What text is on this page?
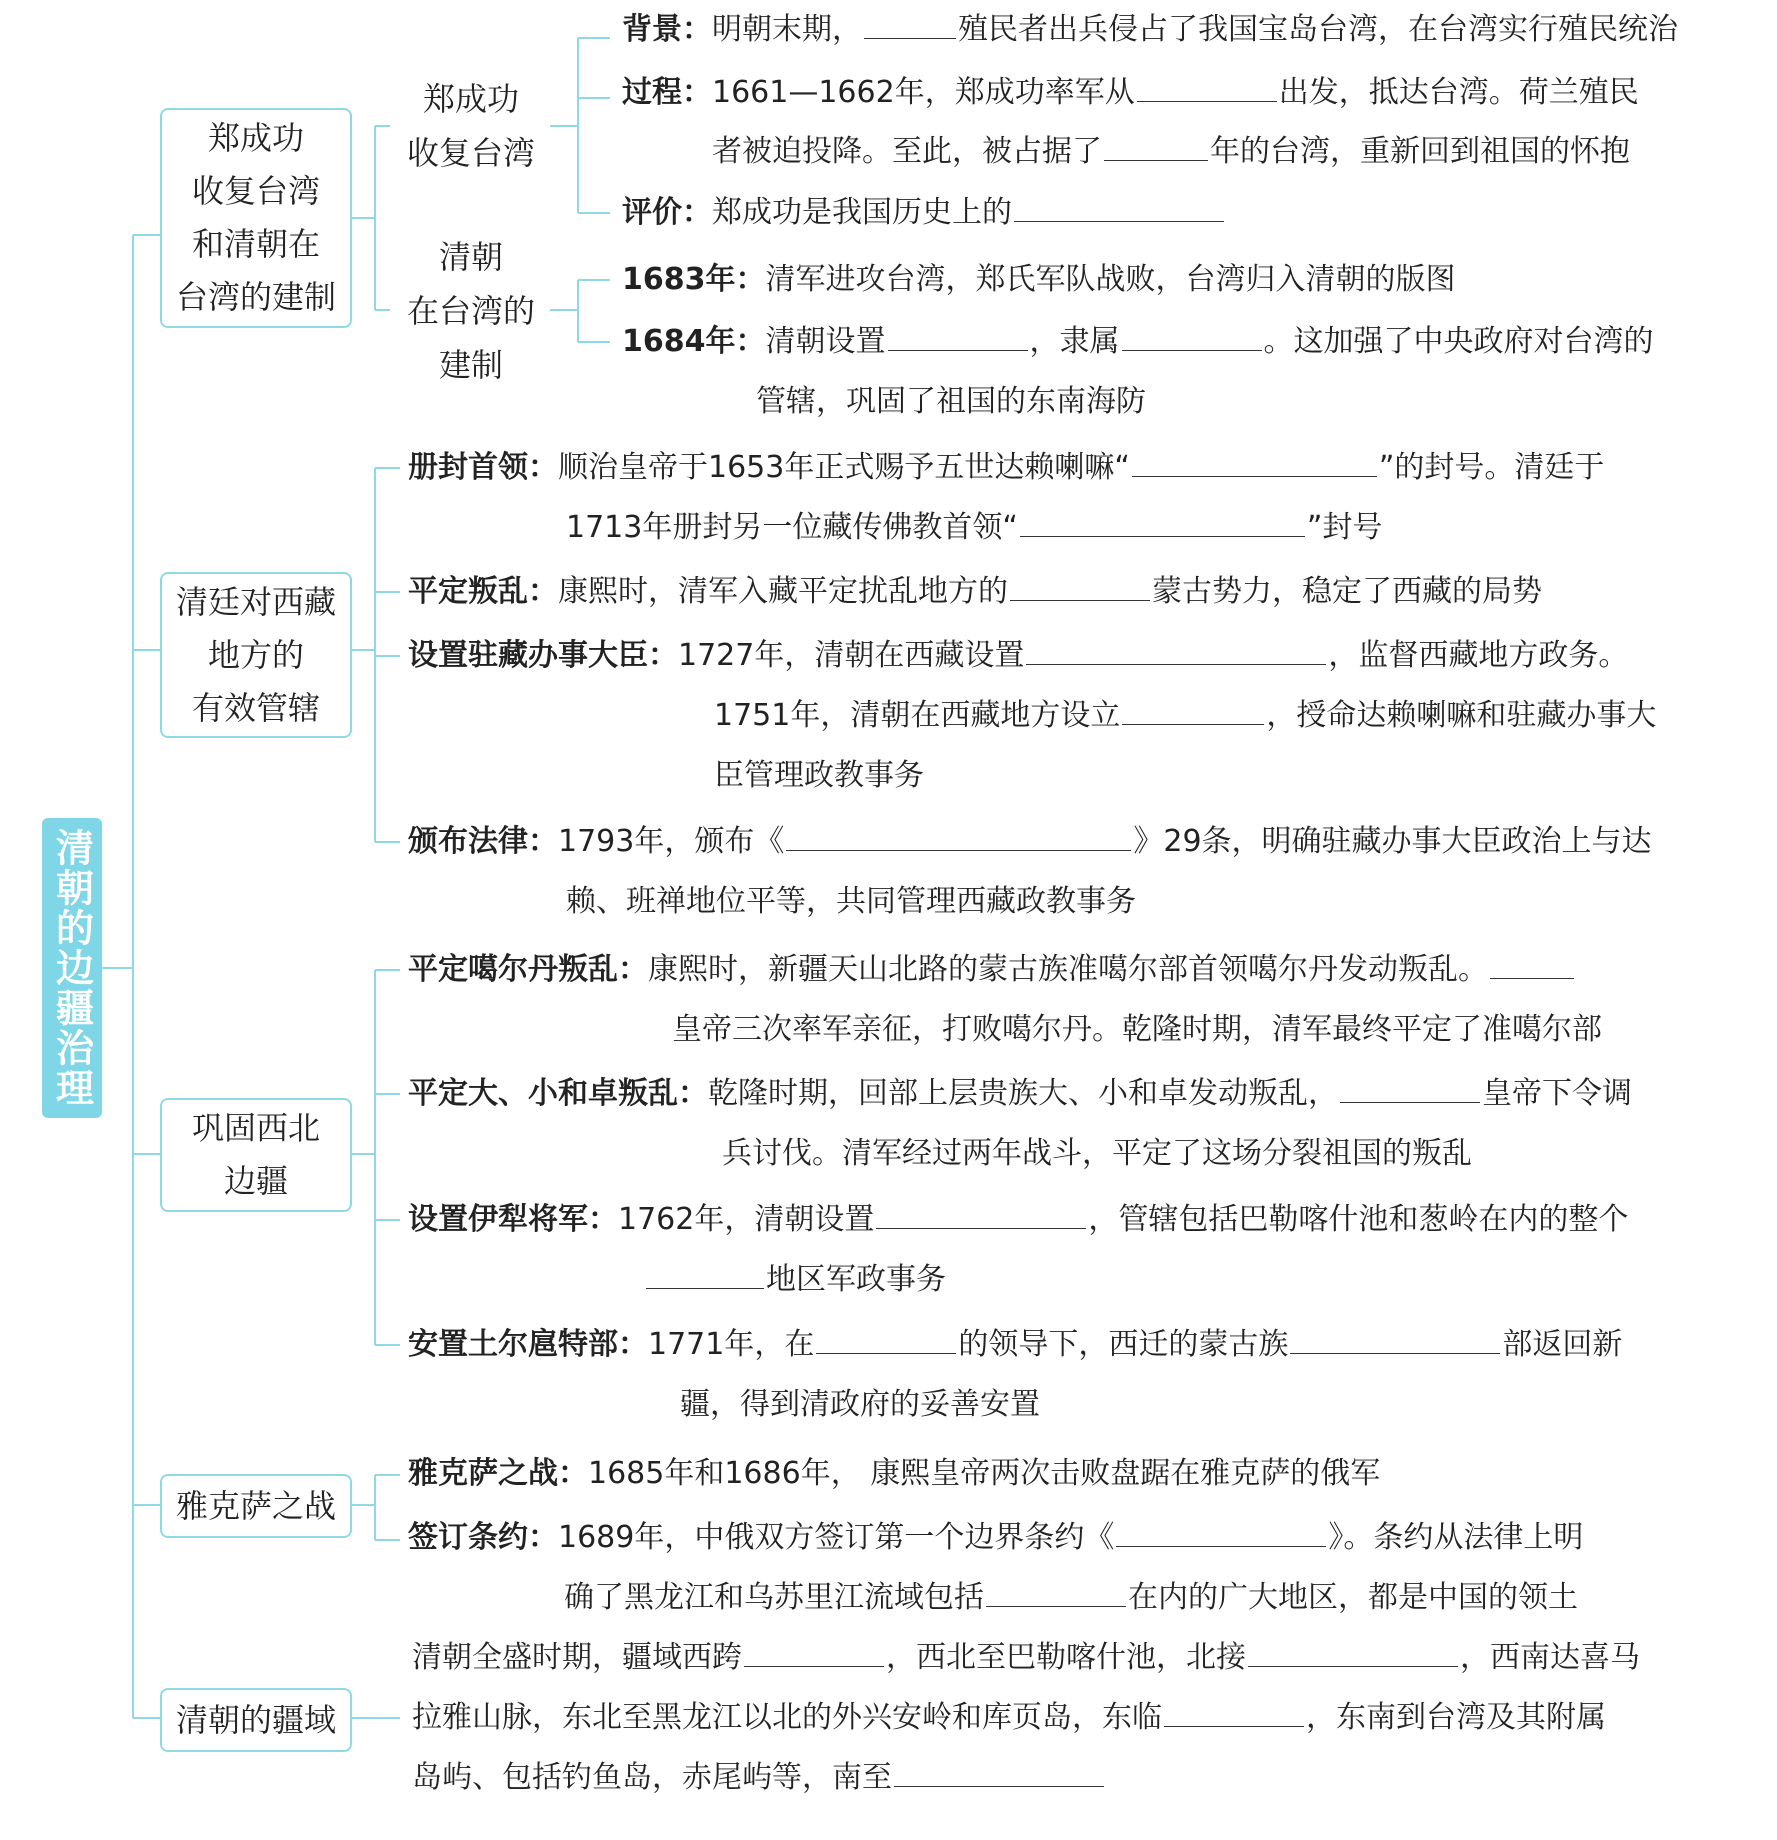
清朝的边疆治理
郑成功
收复台湾
和清朝在
台湾的建制
清廷对西藏
地方的
有效管辖
巩固西北
边疆
雅克萨之战
清朝的疆域
郑成功
收复台湾
清朝
在台湾的
建制
背景：明朝末期，	殖民者出兵侵占了我国宝岛台湾，在台湾实行殖民统治
过程：1661—1662年，郑成功率军从	出发，抵达台湾。荷兰殖民
者被迫投降。至此，被占据了	年的台湾，重新回到祖国的怀抱
评价：郑成功是我国历史上的
1683年：清军进攻台湾，郑氏军队战败，台湾归入清朝的版图
1684年：清朝设置	，隶属	。这加强了中央政府对台湾的
管辖，巩固了祖国的东南海防
册封首领：顺治皇帝于1653年正式赐予五世达赖喇嘛“	”的封号。清廷于
1713年册封另一位藏传佛教首领“	”封号
平定叛乱：康熙时，清军入藏平定扰乱地方的	蒙古势力，稳定了西藏的局势
设置驻藏办事大臣：1727年，清朝在西藏设置	，监督西藏地方政务。
1751年，清朝在西藏地方设立	，授命达赖喇嘛和驻藏办事大
臣管理政教事务
颁布法律：1793年，颁布《	》29条，明确驻藏办事大臣政治上与达
赖、班禅地位平等，共同管理西藏政教事务
平定噶尔丹叛乱：康熙时，新疆天山北路的蒙古族准噶尔部首领噶尔丹发动叛乱。
皇帝三次率军亲征，打败噶尔丹。乾隆时期，清军最终平定了准噶尔部
平定大、小和卓叛乱：乾隆时期，回部上层贵族大、小和卓发动叛乱，	皇帝下令调
兵讨伐。清军经过两年战斗，平定了这场分裂祖国的叛乱
设置伊犁将军：1762年，清朝设置	，管辖包括巴勒喀什池和葱岭在内的整个
地区军政事务
安置土尔扈特部：1771年，在	的领导下，西迁的蒙古族	部返回新
疆，得到清政府的妥善安置
雅克萨之战：1685年和1686年， 康熙皇帝两次击败盘踞在雅克萨的俄军
签订条约：1689年，中俄双方签订第一个边界条约《	》。条约从法律上明
确了黑龙江和乌苏里江流域包括	在内的广大地区，都是中国的领土
清朝全盛时期，疆域西跨	，西北至巴勒喀什池，北接	，西南达喜马
拉雅山脉，东北至黑龙江以北的外兴安岭和库页岛，东临	，东南到台湾及其附属
岛屿、包括钓鱼岛，赤尾屿等，南至
